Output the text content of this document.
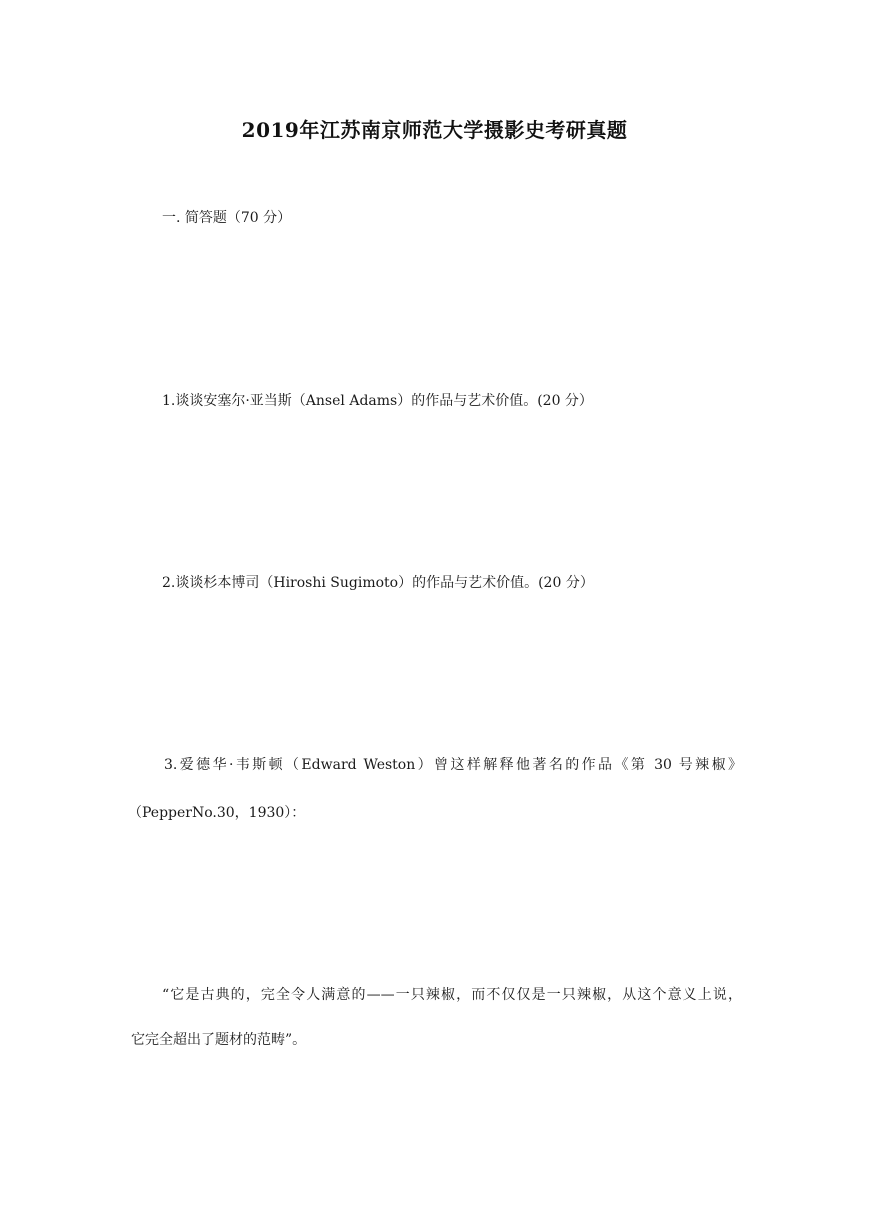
2019年江苏南京师范大学摄影史考研真题
一. 简答题（70 分）
1.谈谈安塞尔·亚当斯（Ansel Adams）的作品与艺术价值。(20 分）
2.谈谈杉本博司（Hiroshi Sugimoto）的作品与艺术价值。(20 分）
3.爱德华·韦斯顿（Edward Weston）曾这样解释他著名的作品《第 30 号辣椒》
（PepperNo.30，1930）：
“它是古典的，完全令人满意的——一只辣椒，而不仅仅是一只辣椒，从这个意义上说，
它完全超出了题材的范畴”。
